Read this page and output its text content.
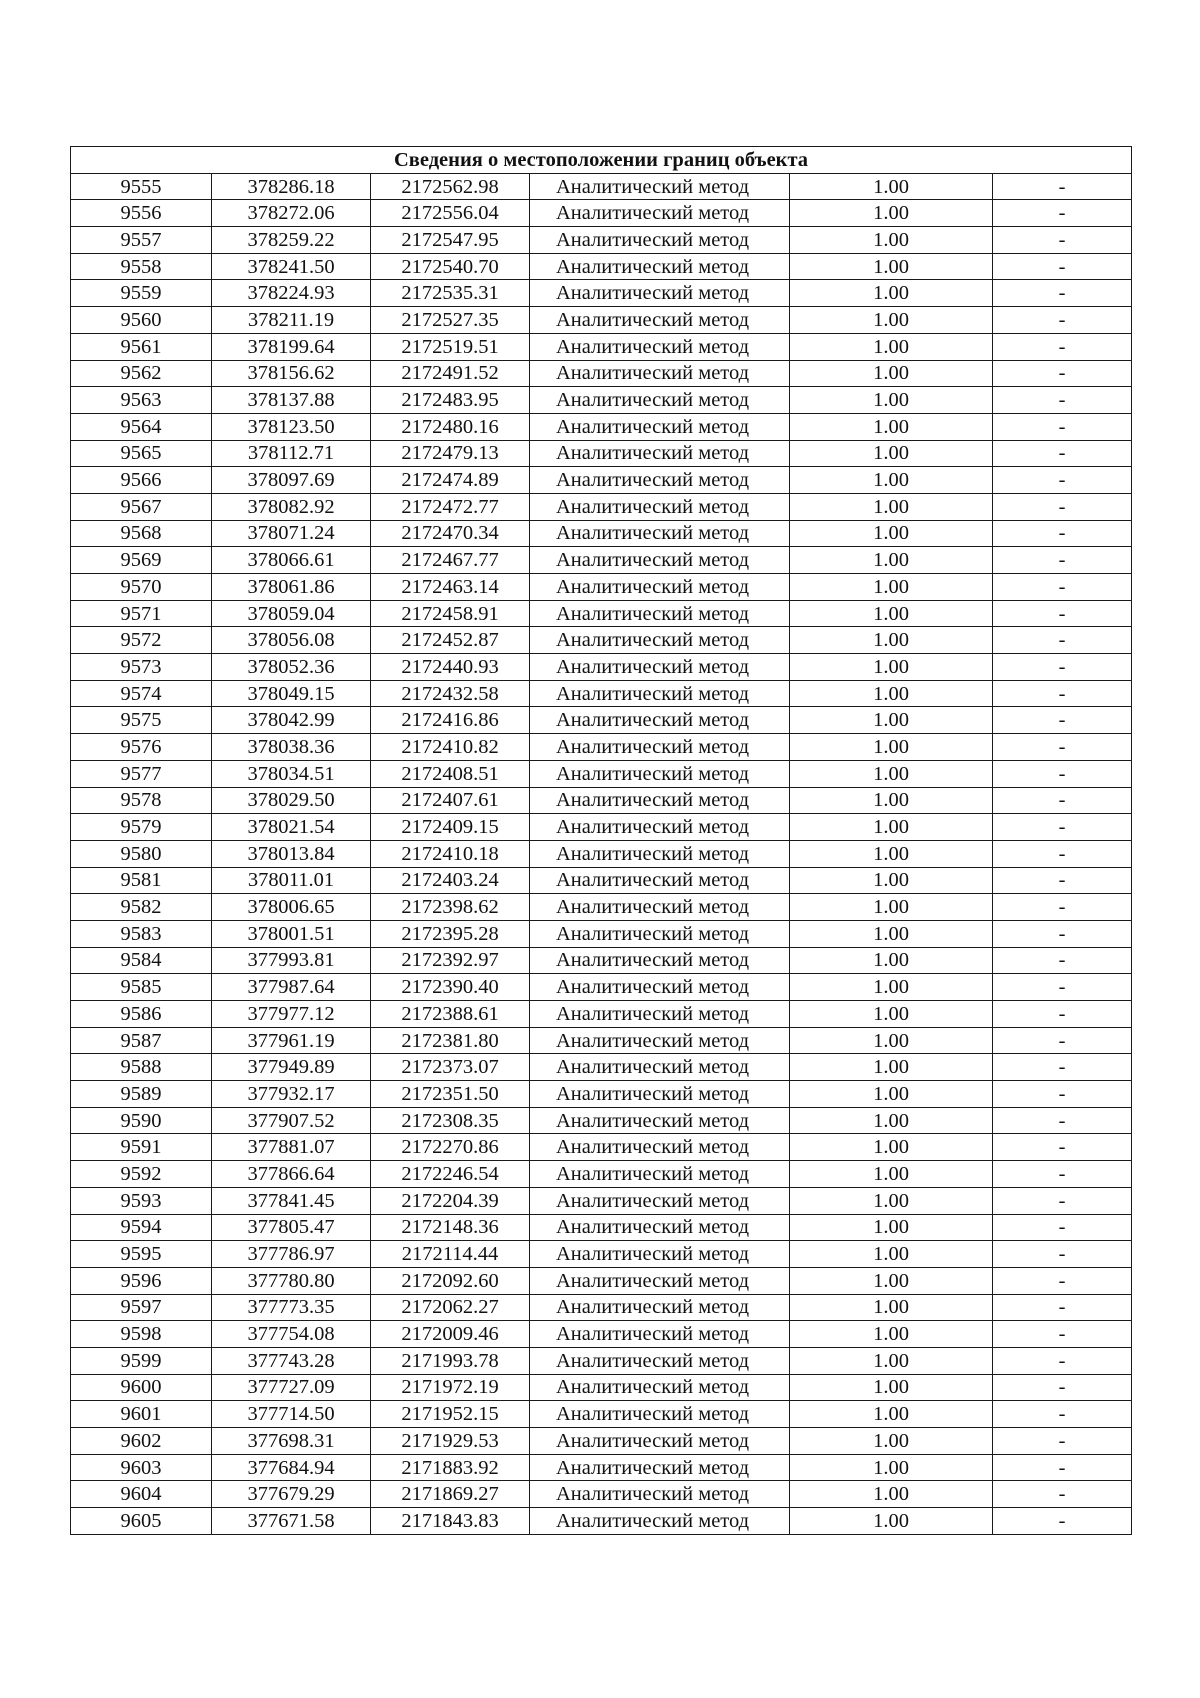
Сведения о местоположении границ объекта					
9555	378286.18	2172562.98	Аналитический метод	1.00	-
9556	378272.06	2172556.04	Аналитический метод	1.00	-
9557	378259.22	2172547.95	Аналитический метод	1.00	-
9558	378241.50	2172540.70	Аналитический метод	1.00	-
9559	378224.93	2172535.31	Аналитический метод	1.00	-
9560	378211.19	2172527.35	Аналитический метод	1.00	-
9561	378199.64	2172519.51	Аналитический метод	1.00	-
9562	378156.62	2172491.52	Аналитический метод	1.00	-
9563	378137.88	2172483.95	Аналитический метод	1.00	-
9564	378123.50	2172480.16	Аналитический метод	1.00	-
9565	378112.71	2172479.13	Аналитический метод	1.00	-
9566	378097.69	2172474.89	Аналитический метод	1.00	-
9567	378082.92	2172472.77	Аналитический метод	1.00	-
9568	378071.24	2172470.34	Аналитический метод	1.00	-
9569	378066.61	2172467.77	Аналитический метод	1.00	-
9570	378061.86	2172463.14	Аналитический метод	1.00	-
9571	378059.04	2172458.91	Аналитический метод	1.00	-
9572	378056.08	2172452.87	Аналитический метод	1.00	-
9573	378052.36	2172440.93	Аналитический метод	1.00	-
9574	378049.15	2172432.58	Аналитический метод	1.00	-
9575	378042.99	2172416.86	Аналитический метод	1.00	-
9576	378038.36	2172410.82	Аналитический метод	1.00	-
9577	378034.51	2172408.51	Аналитический метод	1.00	-
9578	378029.50	2172407.61	Аналитический метод	1.00	-
9579	378021.54	2172409.15	Аналитический метод	1.00	-
9580	378013.84	2172410.18	Аналитический метод	1.00	-
9581	378011.01	2172403.24	Аналитический метод	1.00	-
9582	378006.65	2172398.62	Аналитический метод	1.00	-
9583	378001.51	2172395.28	Аналитический метод	1.00	-
9584	377993.81	2172392.97	Аналитический метод	1.00	-
9585	377987.64	2172390.40	Аналитический метод	1.00	-
9586	377977.12	2172388.61	Аналитический метод	1.00	-
9587	377961.19	2172381.80	Аналитический метод	1.00	-
9588	377949.89	2172373.07	Аналитический метод	1.00	-
9589	377932.17	2172351.50	Аналитический метод	1.00	-
9590	377907.52	2172308.35	Аналитический метод	1.00	-
9591	377881.07	2172270.86	Аналитический метод	1.00	-
9592	377866.64	2172246.54	Аналитический метод	1.00	-
9593	377841.45	2172204.39	Аналитический метод	1.00	-
9594	377805.47	2172148.36	Аналитический метод	1.00	-
9595	377786.97	2172114.44	Аналитический метод	1.00	-
9596	377780.80	2172092.60	Аналитический метод	1.00	-
9597	377773.35	2172062.27	Аналитический метод	1.00	-
9598	377754.08	2172009.46	Аналитический метод	1.00	-
9599	377743.28	2171993.78	Аналитический метод	1.00	-
9600	377727.09	2171972.19	Аналитический метод	1.00	-
9601	377714.50	2171952.15	Аналитический метод	1.00	-
9602	377698.31	2171929.53	Аналитический метод	1.00	-
9603	377684.94	2171883.92	Аналитический метод	1.00	-
9604	377679.29	2171869.27	Аналитический метод	1.00	-
9605	377671.58	2171843.83	Аналитический метод	1.00	-
